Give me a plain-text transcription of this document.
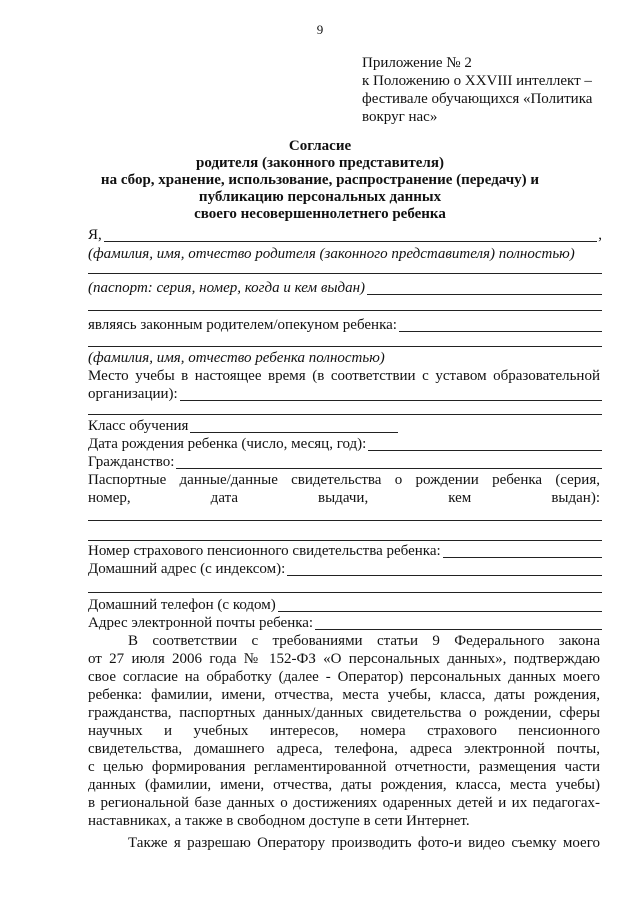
9
Приложение № 2
к Положению о XXVIII интеллект –
фестивале обучающихся «Политика
вокруг нас»
Согласие
родителя (законного представителя)
на сбор, хранение, использование, распространение (передачу) и
публикацию персональных данных
своего несовершеннолетнего ребенка
Я,	,
(фамилия, имя, отчество родителя (законного представителя) полностью)
(паспорт: серия, номер, когда и кем выдан)
являясь законным родителем/опекуном ребенка:
(фамилия, имя, отчество ребенка полностью)
Место учебы в настоящее время (в соответствии с уставом образовательной
организации):
Класс обучения
Дата рождения ребенка (число, месяц, год):
Гражданство:
Паспортные данные/данные свидетельства о рождении ребенка (серия,
номер, дата выдачи, кем выдан):
Номер страхового пенсионного свидетельства ребенка:
Домашний адрес (с индексом):
Домашний телефон (с кодом)
Адрес электронной почты ребенка:
В соответствии с требованиями статьи 9 Федерального закона
от 27 июля 2006 года № 152-ФЗ «О персональных данных», подтверждаю
свое согласие на обработку (далее - Оператор) персональных данных моего
ребенка: фамилии, имени, отчества, места учебы, класса, даты рождения,
гражданства, паспортных данных/данных свидетельства о рождении, сферы
научных и учебных интересов, номера страхового пенсионного
свидетельства, домашнего адреса, телефона, адреса электронной почты,
с целью формирования регламентированной отчетности, размещения части
данных (фамилии, имени, отчества, даты рождения, класса, места учебы)
в региональной базе данных о достижениях одаренных детей и их педагогах-
наставниках, а также в свободном доступе в сети Интернет.
Также я разрешаю Оператору производить фото-и видео съемку моего
